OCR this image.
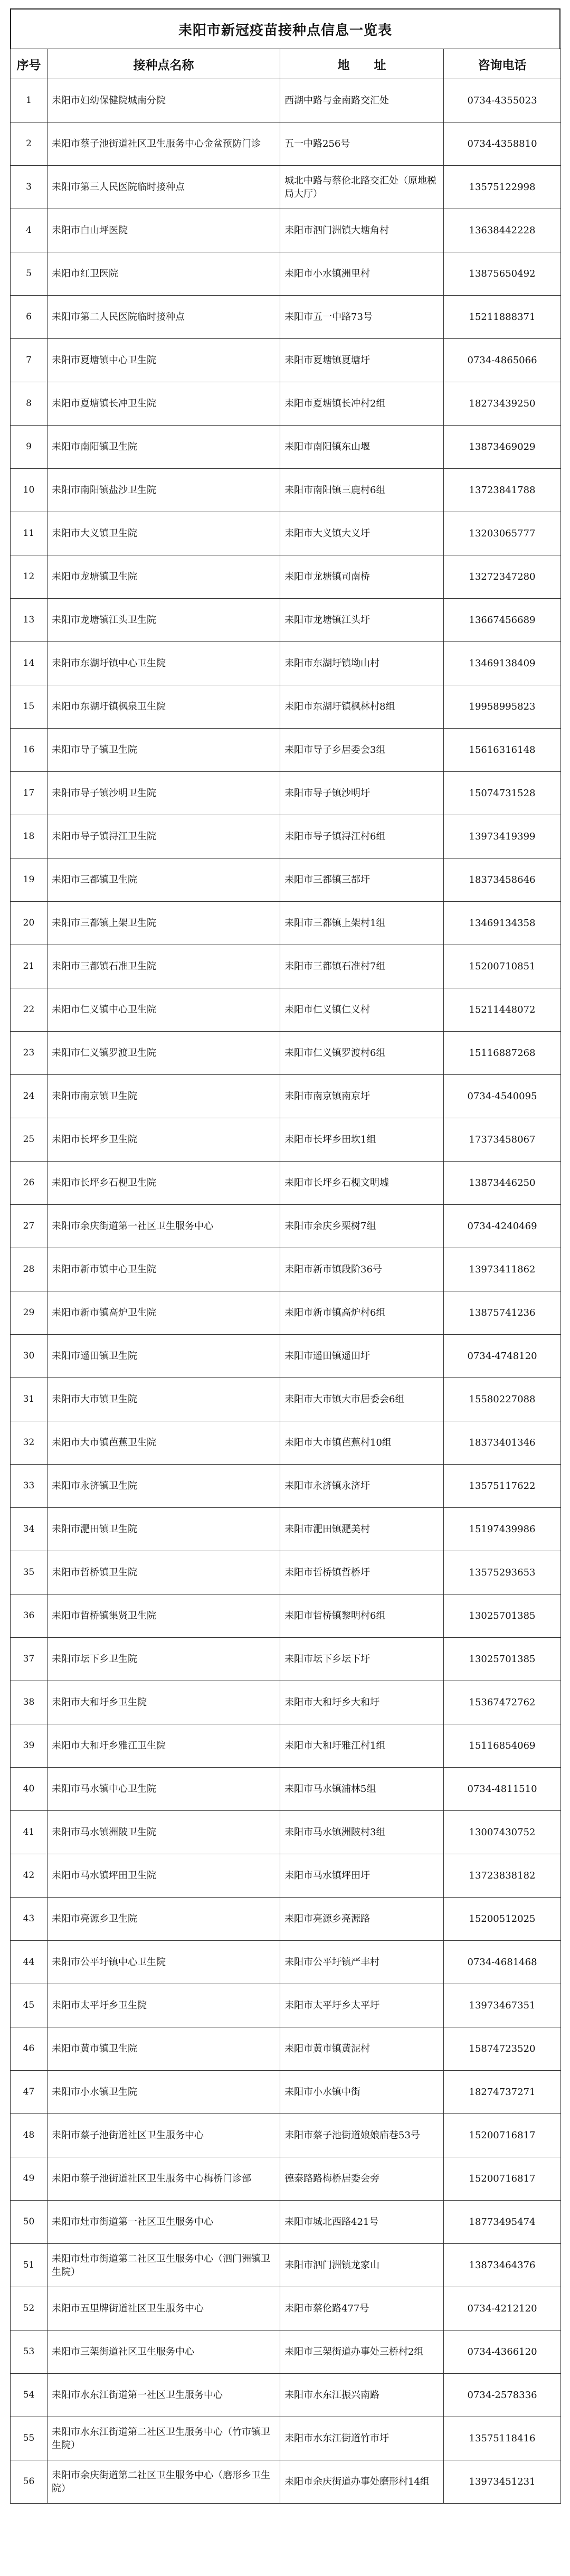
耒阳市新冠疫苗接种点信息一览表
序号	接种点名称	地　　址	咨询电话
1	耒阳市妇幼保健院城南分院	西湖中路与金南路交汇处	0734-4355023
2	耒阳市蔡子池街道社区卫生服务中心金盆预防门诊	五一中路256号	0734-4358810
3	耒阳市第三人民医院临时接种点	城北中路与蔡伦北路交汇处（原地税局大厅）	13575122998
4	耒阳市白山坪医院	耒阳市泗门洲镇大塘角村	13638442228
5	耒阳市红卫医院	耒阳市小水镇洲里村	13875650492
6	耒阳市第二人民医院临时接种点	耒阳市五一中路73号	15211888371
7	耒阳市夏塘镇中心卫生院	耒阳市夏塘镇夏塘圩	0734-4865066
8	耒阳市夏塘镇长冲卫生院	耒阳市夏塘镇长冲村2组	18273439250
9	耒阳市南阳镇卫生院	耒阳市南阳镇东山堰	13873469029
10	耒阳市南阳镇盐沙卫生院	耒阳市南阳镇三鹿村6组	13723841788
11	耒阳市大义镇卫生院	耒阳市大义镇大义圩	13203065777
12	耒阳市龙塘镇卫生院	耒阳市龙塘镇司南桥	13272347280
13	耒阳市龙塘镇江头卫生院	耒阳市龙塘镇江头圩	13667456689
14	耒阳市东湖圩镇中心卫生院	耒阳市东湖圩镇坳山村	13469138409
15	耒阳市东湖圩镇枫泉卫生院	耒阳市东湖圩镇枫林村8组	19958995823
16	耒阳市导子镇卫生院	耒阳市导子乡居委会3组	15616316148
17	耒阳市导子镇沙明卫生院	耒阳市导子镇沙明圩	15074731528
18	耒阳市导子镇浔江卫生院	耒阳市导子镇浔江村6组	13973419399
19	耒阳市三都镇卫生院	耒阳市三都镇三都圩	18373458646
20	耒阳市三都镇上架卫生院	耒阳市三都镇上架村1组	13469134358
21	耒阳市三都镇石准卫生院	耒阳市三都镇石准村7组	15200710851
22	耒阳市仁义镇中心卫生院	耒阳市仁义镇仁义村	15211448072
23	耒阳市仁义镇罗渡卫生院	耒阳市仁义镇罗渡村6组	15116887268
24	耒阳市南京镇卫生院	耒阳市南京镇南京圩	0734-4540095
25	耒阳市长坪乡卫生院	耒阳市长坪乡田坎1组	17373458067
26	耒阳市长坪乡石枧卫生院	耒阳市长坪乡石枧文明墟	13873446250
27	耒阳市余庆街道第一社区卫生服务中心	耒阳市余庆乡栗树7组	0734-4240469
28	耒阳市新市镇中心卫生院	耒阳市新市镇段阶36号	13973411862
29	耒阳市新市镇高炉卫生院	耒阳市新市镇高炉村6组	13875741236
30	耒阳市遥田镇卫生院	耒阳市遥田镇遥田圩	0734-4748120
31	耒阳市大市镇卫生院	耒阳市大市镇大市居委会6组	15580227088
32	耒阳市大市镇芭蕉卫生院	耒阳市大市镇芭蕉村10组	18373401346
33	耒阳市永济镇卫生院	耒阳市永济镇永济圩	13575117622
34	耒阳市淝田镇卫生院	耒阳市淝田镇淝美村	15197439986
35	耒阳市哲桥镇卫生院	耒阳市哲桥镇哲桥圩	13575293653
36	耒阳市哲桥镇集贤卫生院	耒阳市哲桥镇黎明村6组	13025701385
37	耒阳市坛下乡卫生院	耒阳市坛下乡坛下圩	13025701385
38	耒阳市大和圩乡卫生院	耒阳市大和圩乡大和圩	15367472762
39	耒阳市大和圩乡雅江卫生院	耒阳市大和圩雅江村1组	15116854069
40	耒阳市马水镇中心卫生院	耒阳市马水镇浦林5组	0734-4811510
41	耒阳市马水镇洲陂卫生院	耒阳市马水镇洲陂村3组	13007430752
42	耒阳市马水镇坪田卫生院	耒阳市马水镇坪田圩	13723838182
43	耒阳市亮源乡卫生院	耒阳市亮源乡亮源路	15200512025
44	耒阳市公平圩镇中心卫生院	耒阳市公平圩镇严丰村	0734-4681468
45	耒阳市太平圩乡卫生院	耒阳市太平圩乡太平圩	13973467351
46	耒阳市黄市镇卫生院	耒阳市黄市镇黄泥村	15874723520
47	耒阳市小水镇卫生院	耒阳市小水镇中街	18274737271
48	耒阳市蔡子池街道社区卫生服务中心	耒阳市蔡子池街道娘娘庙巷53号	15200716817
49	耒阳市蔡子池街道社区卫生服务中心梅桥门诊部	德泰路路梅桥居委会旁	15200716817
50	耒阳市灶市街道第一社区卫生服务中心	耒阳市城北西路421号	18773495474
51	耒阳市灶市街道第二社区卫生服务中心（泗门洲镇卫生院）	耒阳市泗门洲镇龙家山	13873464376
52	耒阳市五里牌街道社区卫生服务中心	耒阳市蔡伦路477号	0734-4212120
53	耒阳市三架街道社区卫生服务中心	耒阳市三架街道办事处三桥村2组	0734-4366120
54	耒阳市水东江街道第一社区卫生服务中心	耒阳市水东江振兴南路	0734-2578336
55	耒阳市水东江街道第二社区卫生服务中心（竹市镇卫生院）	耒阳市水东江街道竹市圩	13575118416
56	耒阳市余庆街道第二社区卫生服务中心（磨形乡卫生院）	耒阳市余庆街道办事处磨形村14组	13973451231
